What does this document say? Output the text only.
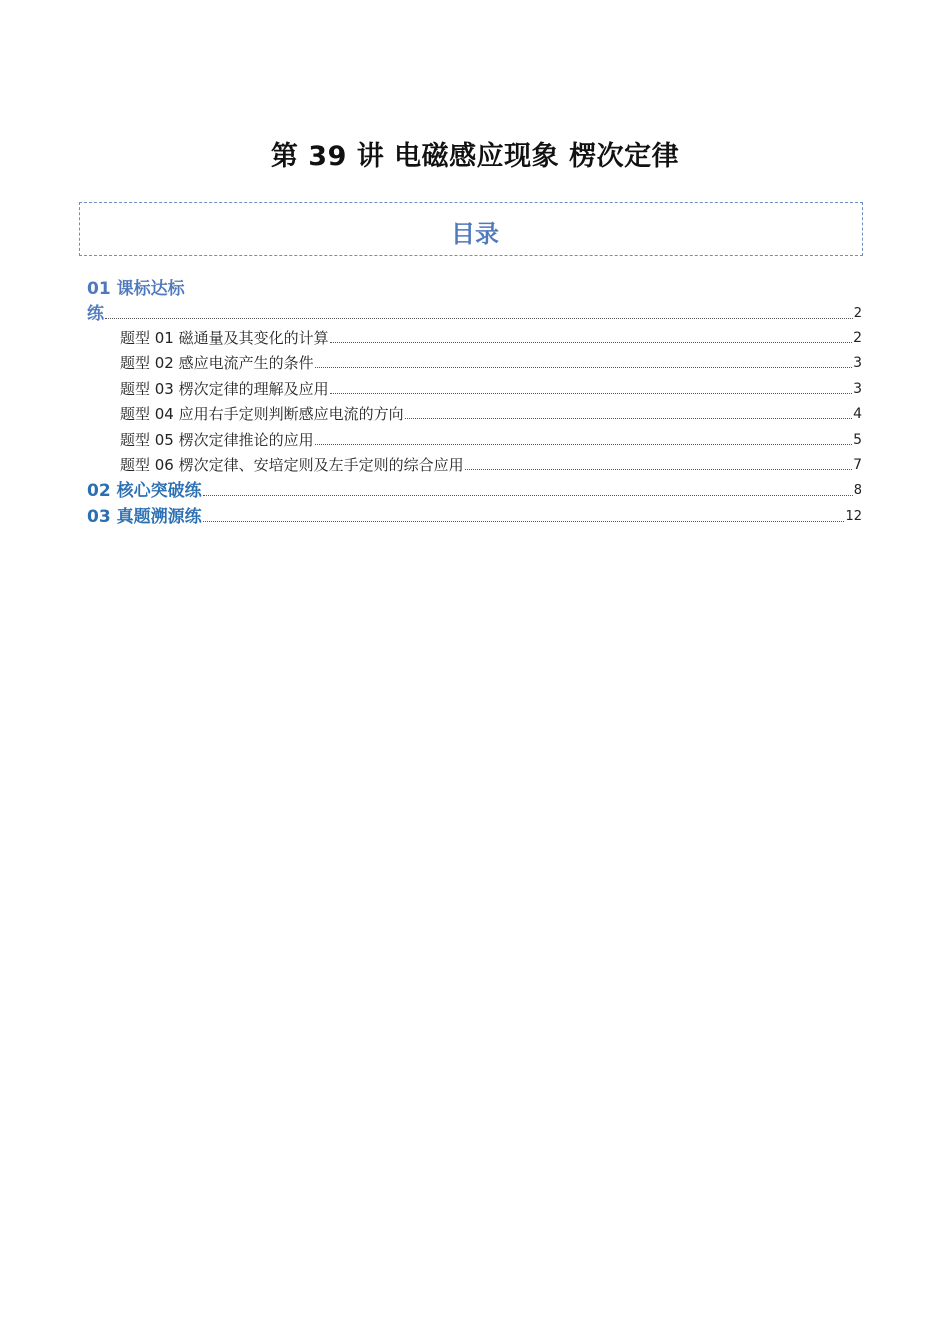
第 39 讲 电磁感应现象 楞次定律
目录
01 课标达标
练	2
题型 01 磁通量及其变化的计算	2
题型 02 感应电流产生的条件	3
题型 03 楞次定律的理解及应用	3
题型 04 应用右手定则判断感应电流的方向	4
题型 05 楞次定律推论的应用	5
题型 06 楞次定律、安培定则及左手定则的综合应用	7
02 核心突破练	8
03 真题溯源练	12
